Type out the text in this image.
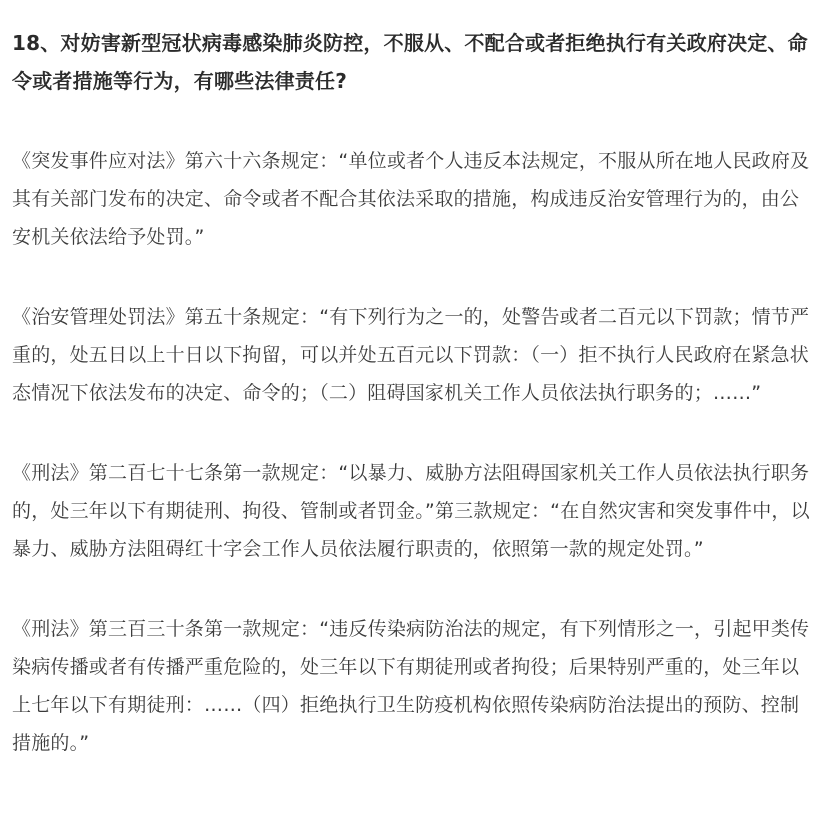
18、对妨害新型冠状病毒感染肺炎防控，不服从、不配合或者拒绝执行有关政府决定、命令或者措施等行为，有哪些法律责任?

《突发事件应对法》第六十六条规定：“单位或者个人违反本法规定，不服从所在地人民政府及其有关部门发布的决定、命令或者不配合其依法采取的措施，构成违反治安管理行为的，由公安机关依法给予处罚。”

《治安管理处罚法》第五十条规定：“有下列行为之一的，处警告或者二百元以下罚款；情节严重的，处五日以上十日以下拘留，可以并处五百元以下罚款：（一）拒不执行人民政府在紧急状态情况下依法发布的决定、命令的；（二）阻碍国家机关工作人员依法执行职务的；……”

《刑法》第二百七十七条第一款规定：“以暴力、威胁方法阻碍国家机关工作人员依法执行职务的，处三年以下有期徒刑、拘役、管制或者罚金。”第三款规定：“在自然灾害和突发事件中，以暴力、威胁方法阻碍红十字会工作人员依法履行职责的，依照第一款的规定处罚。”

《刑法》第三百三十条第一款规定：“违反传染病防治法的规定，有下列情形之一，引起甲类传染病传播或者有传播严重危险的，处三年以下有期徒刑或者拘役；后果特别严重的，处三年以上七年以下有期徒刑：……（四）拒绝执行卫生防疫机构依照传染病防治法提出的预防、控制措施的。”
